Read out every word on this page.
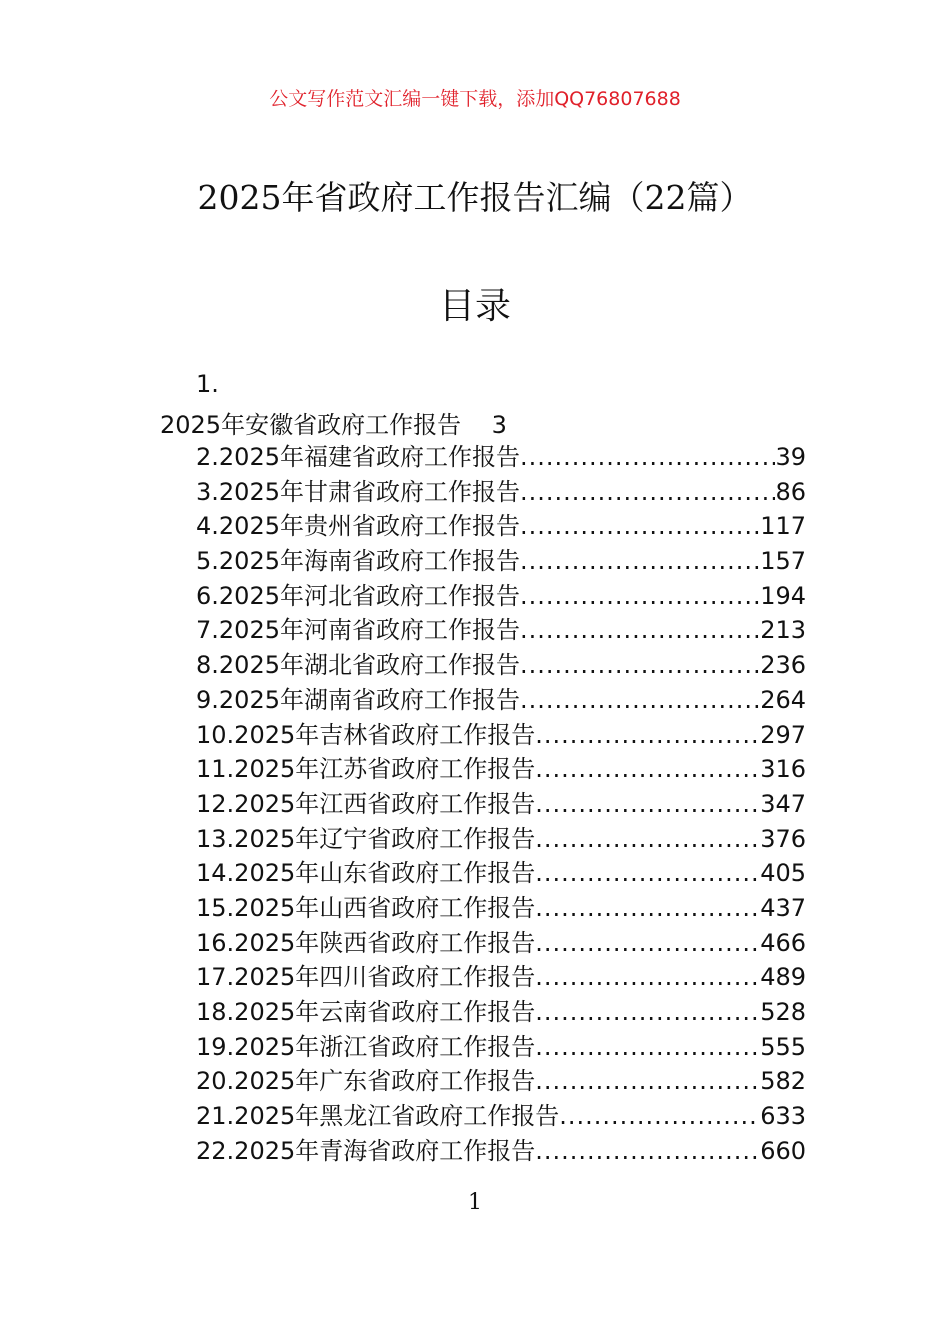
公文写作范文汇编一键下载，添加QQ76807688
2025年省政府工作报告汇编（22篇）
目录
1.
2025年安徽省政府工作报告 3
2.2025年福建省政府工作报告 .....	39
3.2025年甘肃省政府工作报告 .....	86
4.2025年贵州省政府工作报告 .....	117
5.2025年海南省政府工作报告 .....	157
6.2025年河北省政府工作报告 .....	194
7.2025年河南省政府工作报告 .....	213
8.2025年湖北省政府工作报告 .....	236
9.2025年湖南省政府工作报告 .....	264
10.2025年吉林省政府工作报告 .....	297
11.2025年江苏省政府工作报告 .....	316
12.2025年江西省政府工作报告 .....	347
13.2025年辽宁省政府工作报告 .....	376
14.2025年山东省政府工作报告 .....	405
15.2025年山西省政府工作报告 .....	437
16.2025年陕西省政府工作报告 .....	466
17.2025年四川省政府工作报告 .....	489
18.2025年云南省政府工作报告 .....	528
19.2025年浙江省政府工作报告 .....	555
20.2025年广东省政府工作报告 .....	582
21.2025年黑龙江省政府工作报告 .....	633
22.2025年青海省政府工作报告 .....	660
1
